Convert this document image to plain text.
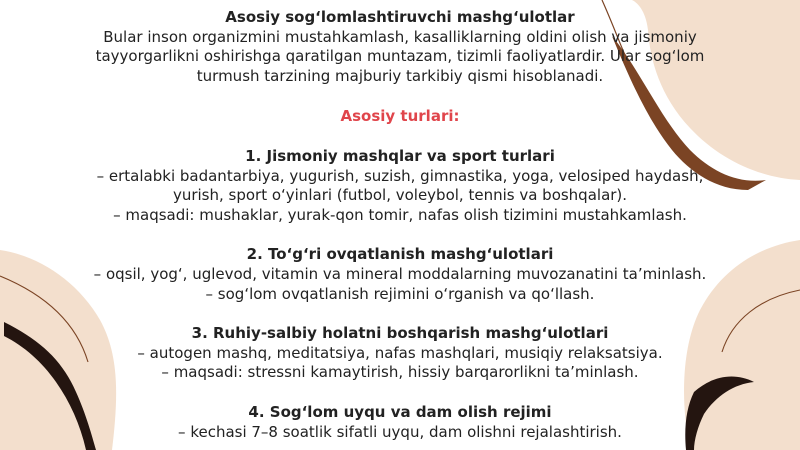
Asosiy sog‘lomlashtiruvchi mashg‘ulotlar

Bular inson organizmini mustahkamlash, kasalliklarning oldini olish va jismoniy
tayyorgarlikni oshirishga qaratilgan muntazam, tizimli faoliyatlardir. Ular sog‘lom
turmush tarzining majburiy tarkibiy qismi hisoblanadi.

Asosiy turlari:
1. Jismoniy mashqlar va sport turlari
– ertalabki badantarbiya, yugurish, suzish, gimnastika, yoga, velosiped haydash,
yurish, sport o‘yinlari (futbol, voleybol, tennis va boshqalar).
– maqsadi: mushaklar, yurak-qon tomir, nafas olish tizimini mustahkamlash.
2. To‘g‘ri ovqatlanish mashg‘ulotlari
– oqsil, yog‘, uglevod, vitamin va mineral moddalarning muvozanatini ta’minlash.
– sog‘lom ovqatlanish rejimini o‘rganish va qo‘llash.
3. Ruhiy-salbiy holatni boshqarish mashg‘ulotlari
– autogen mashq, meditatsiya, nafas mashqlari, musiqiy relaksatsiya.
– maqsadi: stressni kamaytirish, hissiy barqarorlikni ta’minlash.
4. Sog‘lom uyqu va dam olish rejimi
– kechasi 7–8 soatlik sifatli uyqu, dam olishni rejalashtirish.
